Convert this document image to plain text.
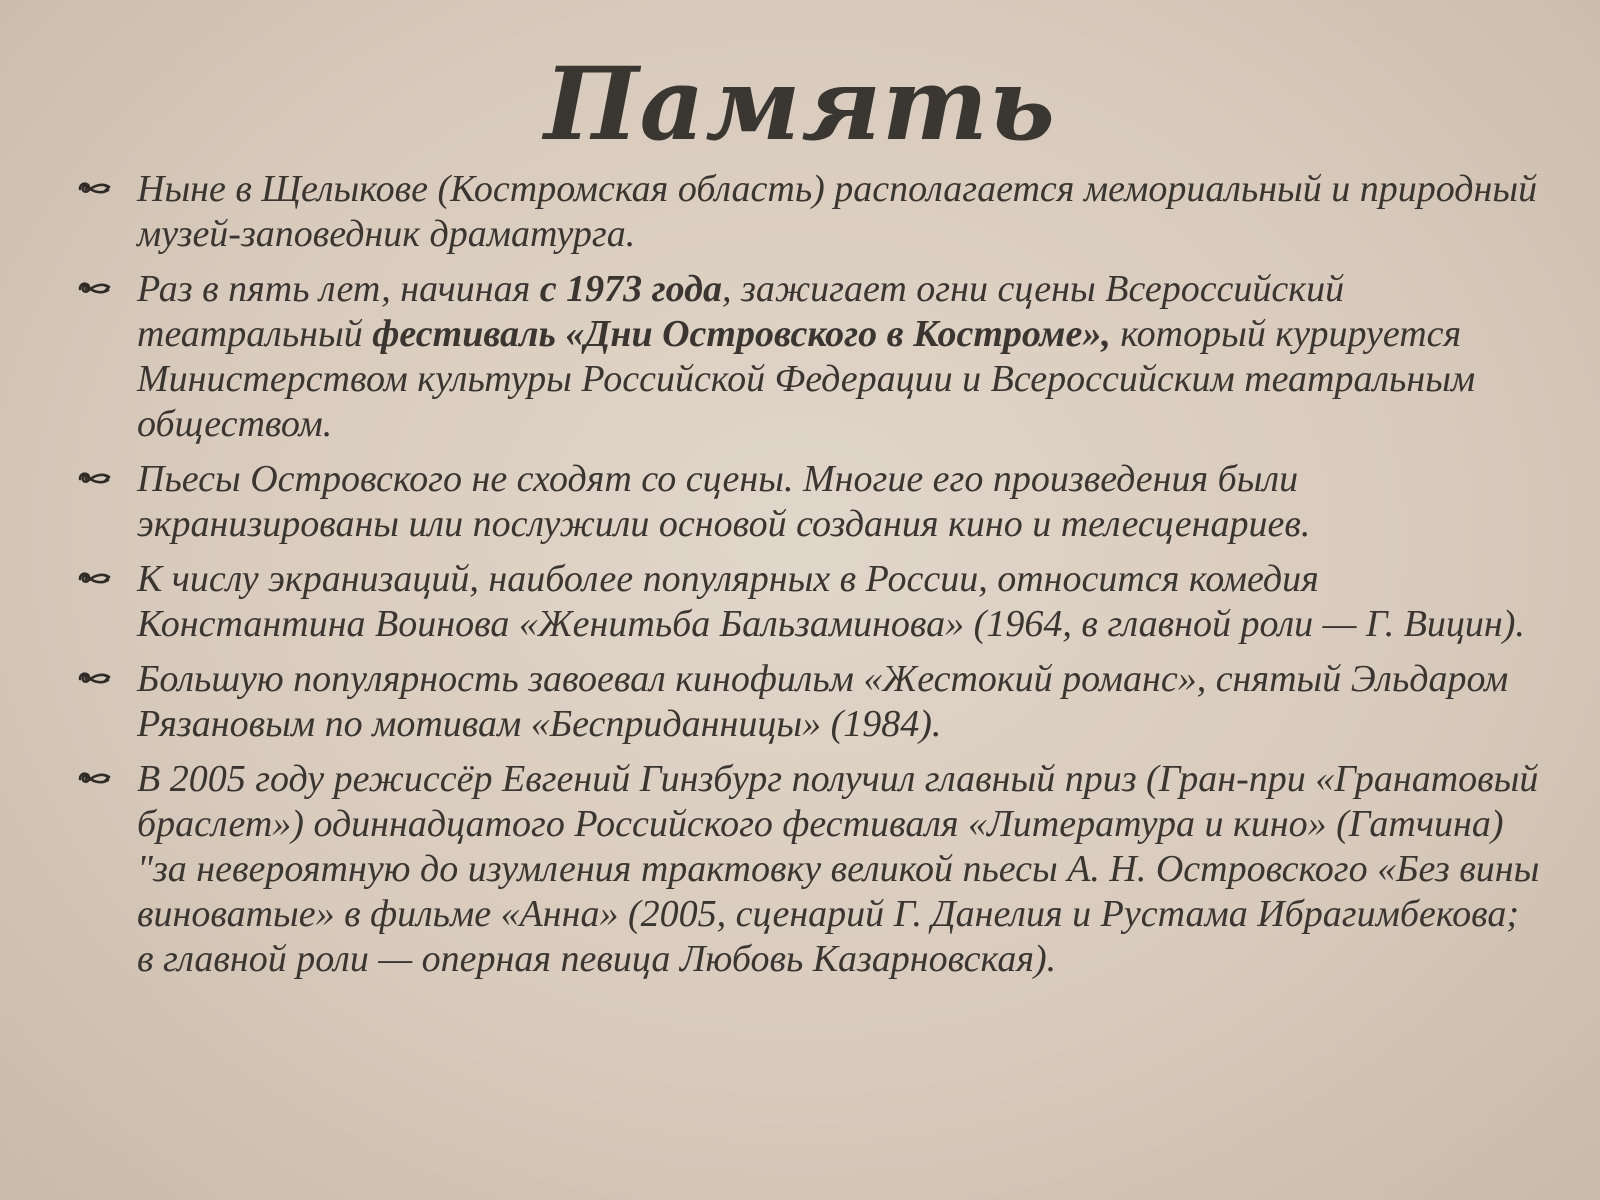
Память
Ныне в Щелыкове (Костромская область) располагается мемориальный и природный музей-заповедник драматурга.
Раз в пять лет, начиная с 1973 года, зажигает огни сцены Всероссийский театральный фестиваль «Дни Островского в Костроме», который курируется Министерством культуры Российской Федерации и Всероссийским театральным обществом.
Пьесы Островского не сходят со сцены. Многие его произведения были экранизированы или послужили основой создания кино и телесценариев.
К числу экранизаций, наиболее популярных в России, относится комедия Константина Воинова «Женитьба Бальзаминова» (1964, в главной роли — Г. Вицин).
Большую популярность завоевал кинофильм «Жестокий романс», снятый Эльдаром Рязановым по мотивам «Бесприданницы» (1984).
В 2005 году режиссёр Евгений Гинзбург получил главный приз (Гран-при «Гранатовый браслет») одиннадцатого Российского фестиваля «Литература и кино» (Гатчина) "за невероятную до изумления трактовку великой пьесы А. Н. Островского «Без вины виноватые» в фильме «Анна» (2005, сценарий Г. Данелия и Рустама Ибрагимбекова; в главной роли — оперная певица Любовь Казарновская).
